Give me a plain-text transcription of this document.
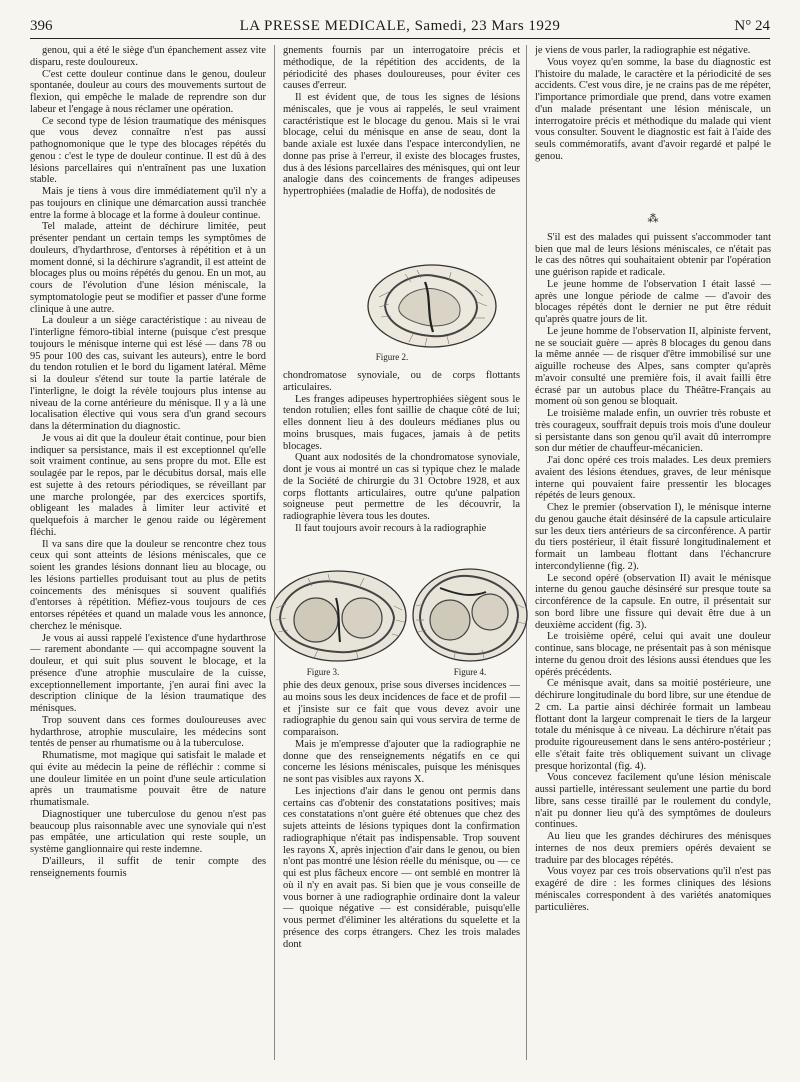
396	LA PRESSE MEDICALE, Samedi, 23 Mars 1929	N° 24

genou, qui a été le siège d'un épanchement assez vite disparu, reste douloureux.

C'est cette douleur continue dans le genou, douleur spontanée, douleur au cours des mouvements surtout de flexion, qui empêche le malade de reprendre son dur labeur et l'engage à nous réclamer une opération.

Ce second type de lésion traumatique des ménisques que vous devez connaître n'est pas aussi pathognomonique que le type des blocages répétés du genou : c'est le type de douleur continue. Il est dû à des lésions parcellaires qui n'entraînent pas une luxation stable.

Mais je tiens à vous dire immédiatement qu'il n'y a pas toujours en clinique une démarcation aussi tranchée entre la forme à blocage et la forme à douleur continue.

Tel malade, atteint de déchirure limitée, peut présenter pendant un certain temps les symptômes de douleurs, d'hydarthrose, d'entorses à répétition et à un moment donné, si la déchirure s'agrandit, il est atteint de blocages plus ou moins répétés du genou. En un mot, au cours de l'évolution d'une lésion méniscale, la symptomatologie peut se modifier et passer d'une forme clinique à une autre.

La douleur a un siège caractéristique : au niveau de l'interligne fémoro-tibial interne (puisque c'est presque toujours le ménisque interne qui est lésé — dans 78 ou 95 pour 100 des cas, suivant les auteurs), entre le bord du tendon rotulien et le bord du ligament latéral. Même si la douleur s'étend sur toute la partie latérale de l'interligne, le doigt la révèle toujours plus intense au niveau de la corne antérieure du ménisque. Il y a là une localisation élective qui vous sera d'un grand secours dans la détermination du diagnostic.

Je vous ai dit que la douleur était continue, pour bien indiquer sa persistance, mais il est exceptionnel qu'elle soit vraiment continue, au sens propre du mot. Elle est soulagée par le repos, par le décubitus dorsal, mais elle est sujette à des retours périodiques, se réveillant par une marche prolongée, par des exercices sportifs, obligeant les malades à limiter leur activité et quelquefois à marcher le genou raide ou légèrement fléchi.

Il va sans dire que la douleur se rencontre chez tous ceux qui sont atteints de lésions méniscales, que ce soient les grandes lésions donnant lieu au blocage, ou les lésions partielles produisant tout au plus de petits coincements des ménisques si souvent qualifiés d'entorses à répétition. Méfiez-vous toujours de ces entorses répétées et quand un malade vous les annonce, cherchez le ménisque.

Je vous ai aussi rappelé l'existence d'une hydarthrose — rarement abondante — qui accompagne souvent la douleur, et qui suit plus souvent le blocage, et la présence d'une atrophie musculaire de la cuisse, exceptionnellement importante, j'en aurai fini avec la description clinique de la lésion traumatique des ménisques.

Trop souvent dans ces formes douloureuses avec hydarthrose, atrophie musculaire, les médecins sont tentés de penser au rhumatisme ou à la tuberculose.

Rhumatisme, mot magique qui satisfait le malade et qui évite au médecin la peine de réfléchir : comme si une douleur limitée en un point d'une seule articulation après un traumatisme pouvait être de nature rhumatismale.

Diagnostiquer une tuberculose du genou n'est pas beaucoup plus raisonnable avec une synoviale qui n'est pas empâtée, une articulation qui reste souple, un système ganglionnaire qui reste indemne.

D'ailleurs, il suffit de tenir compte des renseignements fournis

gnements fournis par un interrogatoire précis et méthodique, de la répétition des accidents, de la périodicité des phases douloureuses, pour éviter ces causes d'erreur.

Il est évident que, de tous les signes de lésions méniscales, que je vous ai rappelés, le seul vraiment caractéristique est le blocage du genou. Mais si le vrai blocage, celui du ménisque en anse de seau, dont la bande axiale est luxée dans l'espace intercondylien, ne donne pas prise à l'erreur, il existe des blocages frustes, dus à des lésions parcellaires des ménisques, qui ont leur analogie dans des coincements de franges adipeuses hypertrophiées (maladie de Hoffa), de nodosités de

Figure 2.

chondromatose synoviale, ou de corps flottants articulaires.

Les franges adipeuses hypertrophiées siègent sous le tendon rotulien; elles font saillie de chaque côté de lui; elles donnent lieu à des douleurs médianes plus ou moins brusques, mais fugaces, jamais à de petits blocages.

Quant aux nodosités de la chondromatose synoviale, dont je vous ai montré un cas si typique chez le malade de la Société de chirurgie du 31 Octobre 1928, et aux corps flottants articulaires, outre qu'une palpation soigneuse peut permettre de les découvrir, la radiographie lèvera tous les doutes.

Il faut toujours avoir recours à la radiographie

Figure 3.	Figure 4.

phie des deux genoux, prise sous diverses incidences — au moins sous les deux incidences de face et de profil — et j'insiste sur ce fait que vous devez avoir une radiographie du genou sain qui vous servira de terme de comparaison.

Mais je m'empresse d'ajouter que la radiographie ne donne que des renseignements négatifs en ce qui concerne les lésions méniscales, puisque les ménisques ne sont pas visibles aux rayons X.

Les injections d'air dans le genou ont permis dans certains cas d'obtenir des constatations positives; mais ces constatations n'ont guère été obtenues que chez des sujets atteints de lésions typiques dont la confirmation radiographique n'était pas indispensable. Trop souvent les rayons X, après injection d'air dans le genou, ou bien n'ont pas montré une lésion réelle du ménisque, ou — ce qui est plus fâcheux encore — ont semblé en montrer là où il n'y en avait pas. Si bien que je vous conseille de vous borner à une radiographie ordinaire dont la valeur — quoique négative — est considérable, puisqu'elle vous permet d'éliminer les altérations du squelette et la présence des corps étrangers. Chez les trois malades dont

je viens de vous parler, la radiographie est négative.

Vous voyez qu'en somme, la base du diagnostic est l'histoire du malade, le caractère et la périodicité de ses accidents. C'est vous dire, je ne crains pas de me répéter, l'importance primordiale que prend, dans votre examen d'un malade présentant une lésion méniscale, un interrogatoire précis et méthodique du malade qui vient vous consulter. Souvent le diagnostic est fait à l'aide des seuls commémoratifs, avant d'avoir regardé et palpé le genou.

⁂

S'il est des malades qui puissent s'accommoder tant bien que mal de leurs lésions méniscales, ce n'était pas le cas des nôtres qui souhaitaient obtenir par l'opération une guérison rapide et radicale.

Le jeune homme de l'observation I était lassé — après une longue période de calme — d'avoir des blocages répétés dont le dernier ne put être réduit qu'après quatre jours de lit.

Le jeune homme de l'observation II, alpiniste fervent, ne se souciait guère — après 8 blocages du genou dans la même année — de risquer d'être immobilisé sur une aiguille rocheuse des Alpes, sans compter qu'après m'avoir consulté une première fois, il avait failli être écrasé par un autobus place du Théâtre-Français au moment où son genou se bloquait.

Le troisième malade enfin, un ouvrier très robuste et très courageux, souffrait depuis trois mois d'une douleur si persistante dans son genou qu'il avait dû interrompre son dur métier de chauffeur-mécanicien.

J'ai donc opéré ces trois malades. Les deux premiers avaient des lésions étendues, graves, de leur ménisque interne qui pouvaient faire pressentir les blocages répétés de leurs genoux.

Chez le premier (observation I), le ménisque interne du genou gauche était désinséré de la capsule articulaire sur les deux tiers antérieurs de sa circonférence. A partir du tiers postérieur, il était fissuré longitudinalement et formait un lambeau flottant dans l'échancrure intercondylienne (fig. 2).

Le second opéré (observation II) avait le ménisque interne du genou gauche désinséré sur presque toute sa circonférence de la capsule. En outre, il présentait sur son bord libre une fissure qui devait être due à un deuxième accident (fig. 3).

Le troisième opéré, celui qui avait une douleur continue, sans blocage, ne présentait pas à son ménisque interne du genou droit des lésions aussi étendues que les opérés précédents.

Ce ménisque avait, dans sa moitié postérieure, une déchirure longitudinale du bord libre, sur une étendue de 2 cm. La partie ainsi déchirée formait un lambeau flottant dont la largeur comprenait le tiers de la largeur totale du ménisque à ce niveau. La déchirure n'était pas produite rigoureusement dans le sens antéro-postérieur ; elle s'était faite très obliquement suivant un clivage presque horizontal (fig. 4).

Vous concevez facilement qu'une lésion méniscale aussi partielle, intéressant seulement une partie du bord libre, sans cesse tiraillé par le roulement du condyle, n'ait pu donner lieu qu'à des symptômes de douleurs continues.

Au lieu que les grandes déchirures des ménisques internes de nos deux premiers opérés devaient se traduire par des blocages répétés.

Vous voyez par ces trois observations qu'il n'est pas exagéré de dire : les formes cliniques des lésions méniscales correspondent à des variétés anatomiques particulières.
